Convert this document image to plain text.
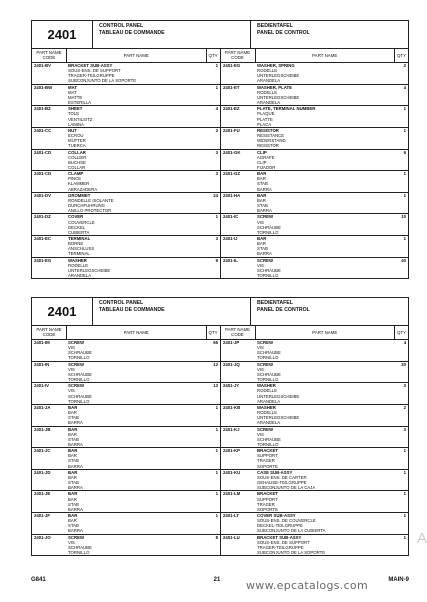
2401
CONTROL PANEL
TABLEAU DE COMMANDE
BEDIENTAFEL
PANEL DE CONTROL
PART NAME
CODE	PART NAME	QTY
PART NAME
CODE	PART NAME	QTY
2401-BV	BRACKET SUB-ASSY
SOUS-ENS. DE SUPPORT
TRAGER-TEILGRUPPE
SUBCONJUNTO DE LA SOPORTE
1
2401-BW	MAT
MAT
MATTE
ESTERILLA
1
2401-BZ	SHEET
TOLE
VENTILSITZ
LAMINA
4
2401-CC	NUT
ECROU
MUTTER
TUERCA
3
2401-CD	COLLAR
COLLIER
BUCHSE
COLLAR
3
2401-CD	CLAMP
PINCE
KLAMMER
ABRAZADERA
3
2401-DV	GROMMET
RONDELLE ISOLANTE
DURCHFUHRUNG
ANILLO PROTECTOR
24
2401-DZ	COVER
COUVERCLE
DECKEL
CUBIERTA
1
2401-EC	TERMINAL
BORNE
ANSCHLUSS
TERMINAL
3
2401-EG	WASHER
RODELLE
UNTERLEGSCHEIBE
ARANDELA
9
2401-EG	WASHER, SPRING
RODELLE
UNTERLEGSCHEIBE
ARANDELA
2
2401-ET	WASHER, PLATE
RODELLE
UNTERLEGSCHEIBE
ARANDELA
4
2401-EZ	PLATE, TERMINAL NUMBER
PLAQUE
PLATTE
PLACA
1
2401-FU	RESISTOR
RESISTANCE
WIDERSTAND
RESISTOR
1
2401-GK	CLIP
AGRAFE
CLIP
FIJADOR
6
2401-GZ	BAR
BAR
STAB
BARRA
1
2401-HA	BAR
BAR
STAB
BARRA
1
2401-IC	SCREW
VIS
SCHRAUBE
TORNILLO
10
2401-IJ	BAR
BAR
STAB
BARRA
1
2401-IL	SCREW
VIS
SCHRAUBE
TORNILLO
40
2401
CONTROL PANEL
TABLEAU DE COMMANDE
BEDIENTAFEL
PANEL DE CONTROL
PART NAME
CODE	PART NAME	QTY
PART NAME
CODE	PART NAME	QTY
2401-IM	SCREW
VIS
SCHRAUBE
TORNILLO
66
2401-IN	SCREW
VIS
SCHRAUBE
TORNILLO
12
2401-IV	SCREW
VIS
SCHRAUBE
TORNILLO
13
2401-JA	BAR
BAR
STAB
BARRA
1
2401-JB	BAR
BAR
STAB
BARRA
1
2401-JC	BAR
BAR
STAB
BARRA
1
2401-JD	BAR
BAR
STAB
BARRA
1
2401-JE	BAR
BAR
STAB
BARRA
1
2401-JF	BAR
BAR
STAB
BARRA
1
2401-JO	SCREW
VIS
SCHRAUBE
TORNILLO
8
2401-JP	SCREW
VIS
SCHRAUBE
TORNILLO
4
2401-JQ	SCREW
VIS
SCHRAUBE
TORNILLO
20
2401-JY	WASHER
RODELLE
UNTERLEGSCHEIBE
ARANDELA
3
2401-KB	WASHER
RODELLE
UNTERLEGSCHEIBE
ARANDELA
2
2401-KJ	SCREW
VIS
SCHRAUBE
TORNILLO
3
2401-KP	BRACKET
SUPPORT
TRAGER
SOPORTE
1
2401-KU	CASE SUB-ASSY
SOUS-ENS. DE CARTER
GEHAUSE-TEILGRUPPE
SUBCONJUNTO DE LA CAJA
1
2401-LM	BRACKET
SUPPORT
TRAGER
SOPORTE
1
2401-LT	COVER SUB-ASSY
SOUS-ENS. DE COUVERCLE
DECKEL-TEILGRUPPE
SUBCONJUNTO DE LA CUBIERTA
1
2401-LU	BRACKET SUB-ASSY
SOUS-ENS. DE SUPPORT
TRAGER-TEILGRUPPE
SUBCONJUNTO DE LA SOPORTE
1
G841	21	MAIN-9
www.epcatalogs.com
A
